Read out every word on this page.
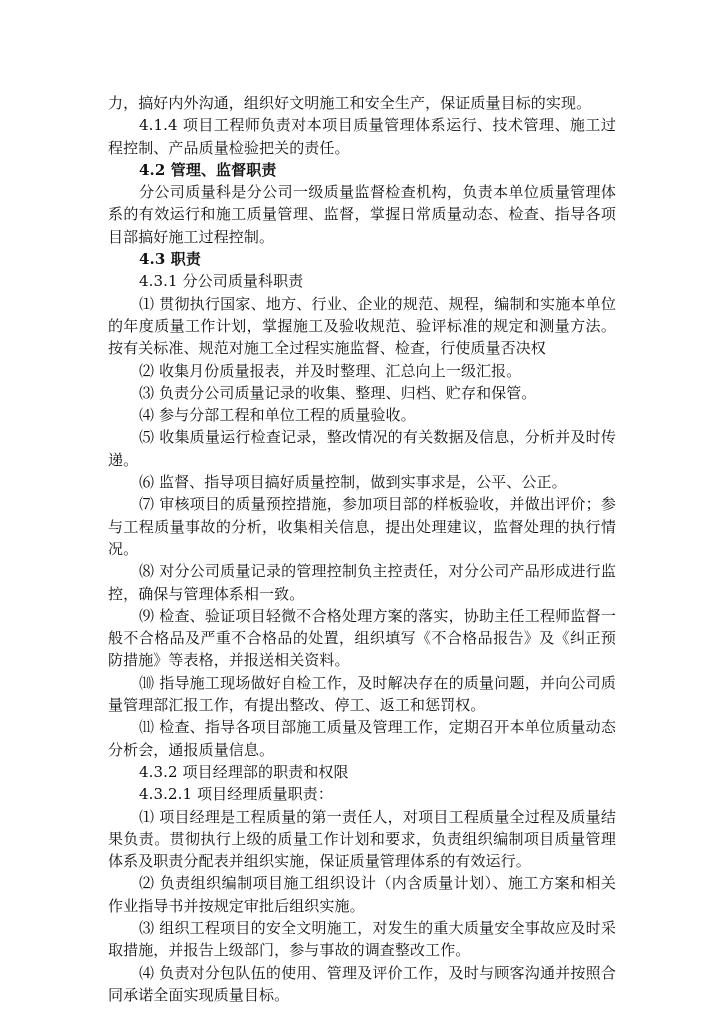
力，搞好内外沟通，组织好文明施工和安全生产，保证质量目标的实现。

4.1.4 项目工程师负责对本项目质量管理体系运行、技术管理、施工过程控制、产品质量检验把关的责任。

4.2 管理、监督职责

分公司质量科是分公司一级质量监督检查机构，负责本单位质量管理体系的有效运行和施工质量管理、监督，掌握日常质量动态、检查、指导各项目部搞好施工过程控制。

4.3 职责

4.3.1 分公司质量科职责

⑴ 贯彻执行国家、地方、行业、企业的规范、规程，编制和实施本单位的年度质量工作计划，掌握施工及验收规范、验评标准的规定和测量方法。按有关标准、规范对施工全过程实施监督、检查，行使质量否决权

⑵ 收集月份质量报表，并及时整理、汇总向上一级汇报。

⑶ 负责分公司质量记录的收集、整理、归档、贮存和保管。

⑷ 参与分部工程和单位工程的质量验收。

⑸ 收集质量运行检查记录，整改情况的有关数据及信息，分析并及时传递。

⑹ 监督、指导项目搞好质量控制，做到实事求是，公平、公正。

⑺ 审核项目的质量预控措施，参加项目部的样板验收，并做出评价；参与工程质量事故的分析，收集相关信息，提出处理建议，监督处理的执行情况。

⑻ 对分公司质量记录的管理控制负主控责任，对分公司产品形成进行监控，确保与管理体系相一致。

⑼ 检查、验证项目轻微不合格处理方案的落实，协助主任工程师监督一般不合格品及严重不合格品的处置，组织填写《不合格品报告》及《纠正预防措施》等表格，并报送相关资料。

⑽ 指导施工现场做好自检工作，及时解决存在的质量问题，并向公司质量管理部汇报工作，有提出整改、停工、返工和惩罚权。

⑾ 检查、指导各项目部施工质量及管理工作，定期召开本单位质量动态分析会，通报质量信息。

4.3.2 项目经理部的职责和权限

4.3.2.1 项目经理质量职责：

⑴ 项目经理是工程质量的第一责任人，对项目工程质量全过程及质量结果负责。贯彻执行上级的质量工作计划和要求，负责组织编制项目质量管理体系及职责分配表并组织实施，保证质量管理体系的有效运行。

⑵ 负责组织编制项目施工组织设计（内含质量计划）、施工方案和相关作业指导书并按规定审批后组织实施。

⑶ 组织工程项目的安全文明施工，对发生的重大质量安全事故应及时采取措施，并报告上级部门，参与事故的调查整改工作。

⑷ 负责对分包队伍的使用、管理及评价工作，及时与顾客沟通并按照合同承诺全面实现质量目标。
